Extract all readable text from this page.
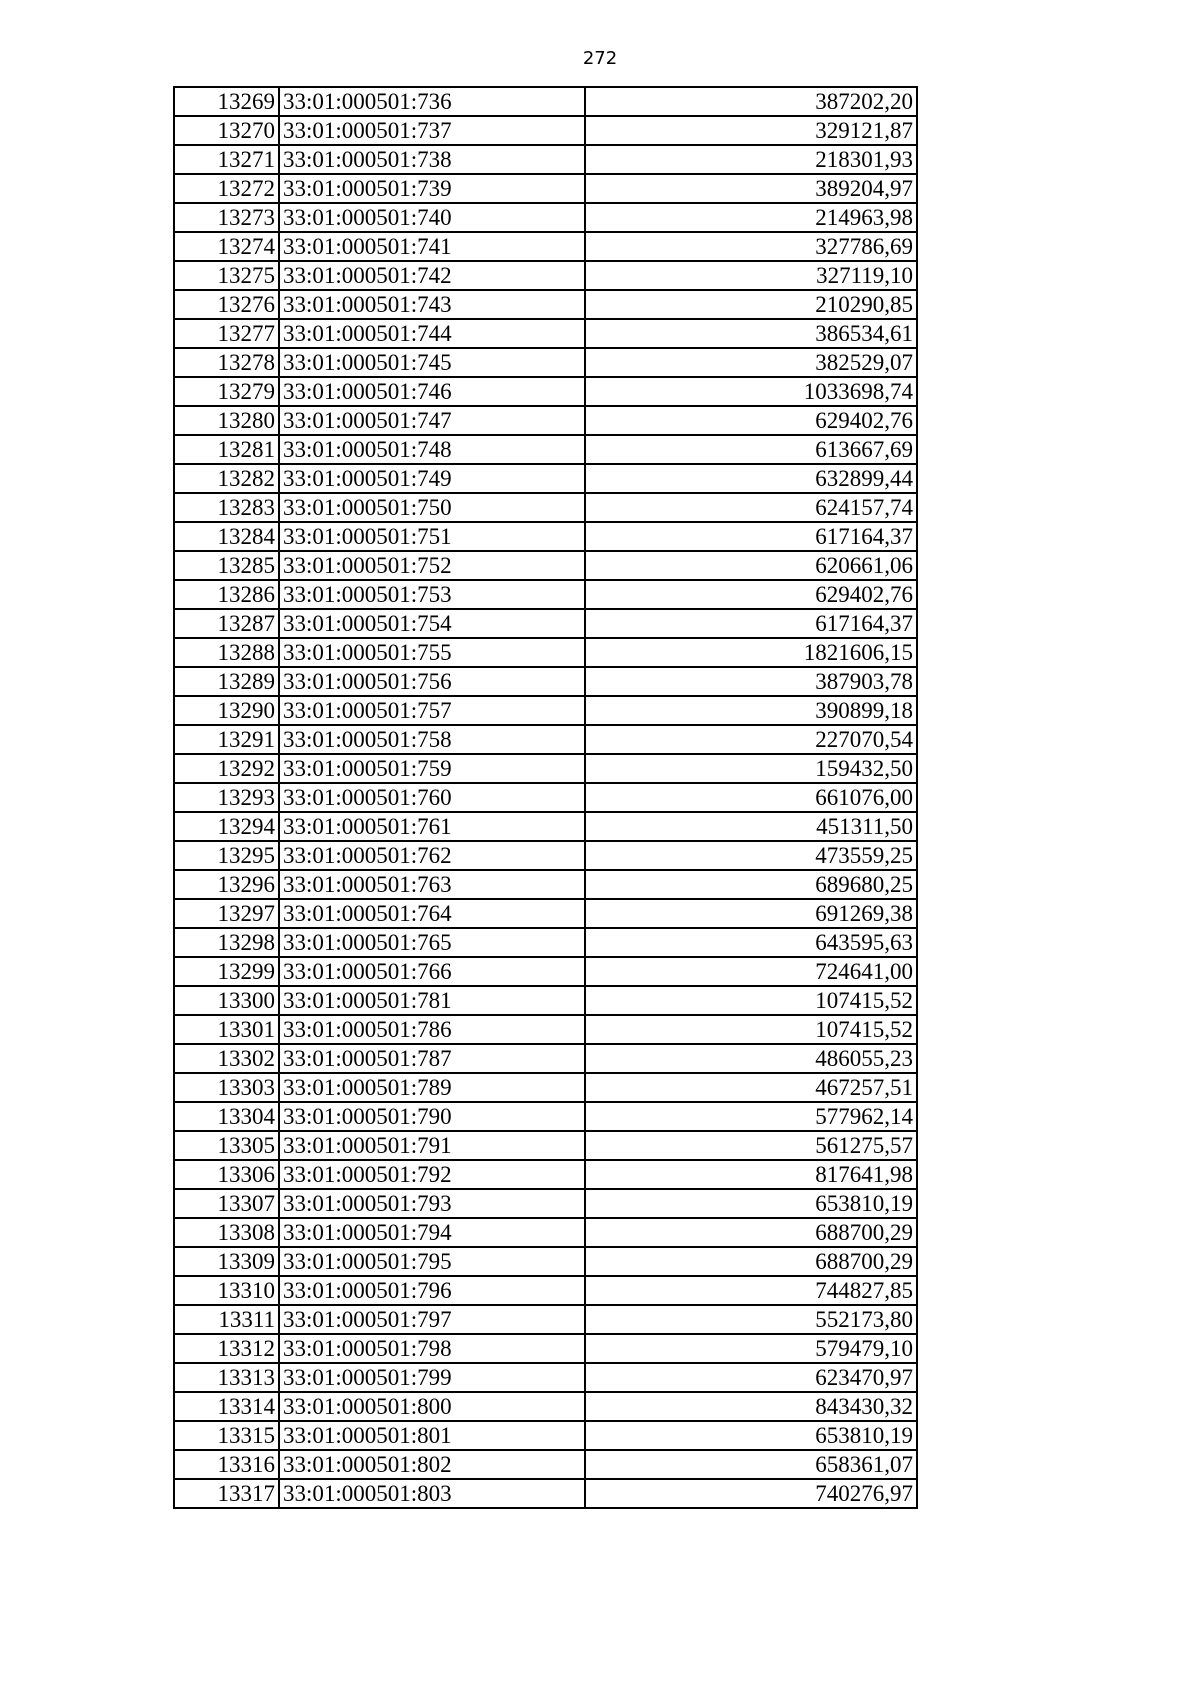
272
13269	33:01:000501:736	387202,20
13270	33:01:000501:737	329121,87
13271	33:01:000501:738	218301,93
13272	33:01:000501:739	389204,97
13273	33:01:000501:740	214963,98
13274	33:01:000501:741	327786,69
13275	33:01:000501:742	327119,10
13276	33:01:000501:743	210290,85
13277	33:01:000501:744	386534,61
13278	33:01:000501:745	382529,07
13279	33:01:000501:746	1033698,74
13280	33:01:000501:747	629402,76
13281	33:01:000501:748	613667,69
13282	33:01:000501:749	632899,44
13283	33:01:000501:750	624157,74
13284	33:01:000501:751	617164,37
13285	33:01:000501:752	620661,06
13286	33:01:000501:753	629402,76
13287	33:01:000501:754	617164,37
13288	33:01:000501:755	1821606,15
13289	33:01:000501:756	387903,78
13290	33:01:000501:757	390899,18
13291	33:01:000501:758	227070,54
13292	33:01:000501:759	159432,50
13293	33:01:000501:760	661076,00
13294	33:01:000501:761	451311,50
13295	33:01:000501:762	473559,25
13296	33:01:000501:763	689680,25
13297	33:01:000501:764	691269,38
13298	33:01:000501:765	643595,63
13299	33:01:000501:766	724641,00
13300	33:01:000501:781	107415,52
13301	33:01:000501:786	107415,52
13302	33:01:000501:787	486055,23
13303	33:01:000501:789	467257,51
13304	33:01:000501:790	577962,14
13305	33:01:000501:791	561275,57
13306	33:01:000501:792	817641,98
13307	33:01:000501:793	653810,19
13308	33:01:000501:794	688700,29
13309	33:01:000501:795	688700,29
13310	33:01:000501:796	744827,85
13311	33:01:000501:797	552173,80
13312	33:01:000501:798	579479,10
13313	33:01:000501:799	623470,97
13314	33:01:000501:800	843430,32
13315	33:01:000501:801	653810,19
13316	33:01:000501:802	658361,07
13317	33:01:000501:803	740276,97
